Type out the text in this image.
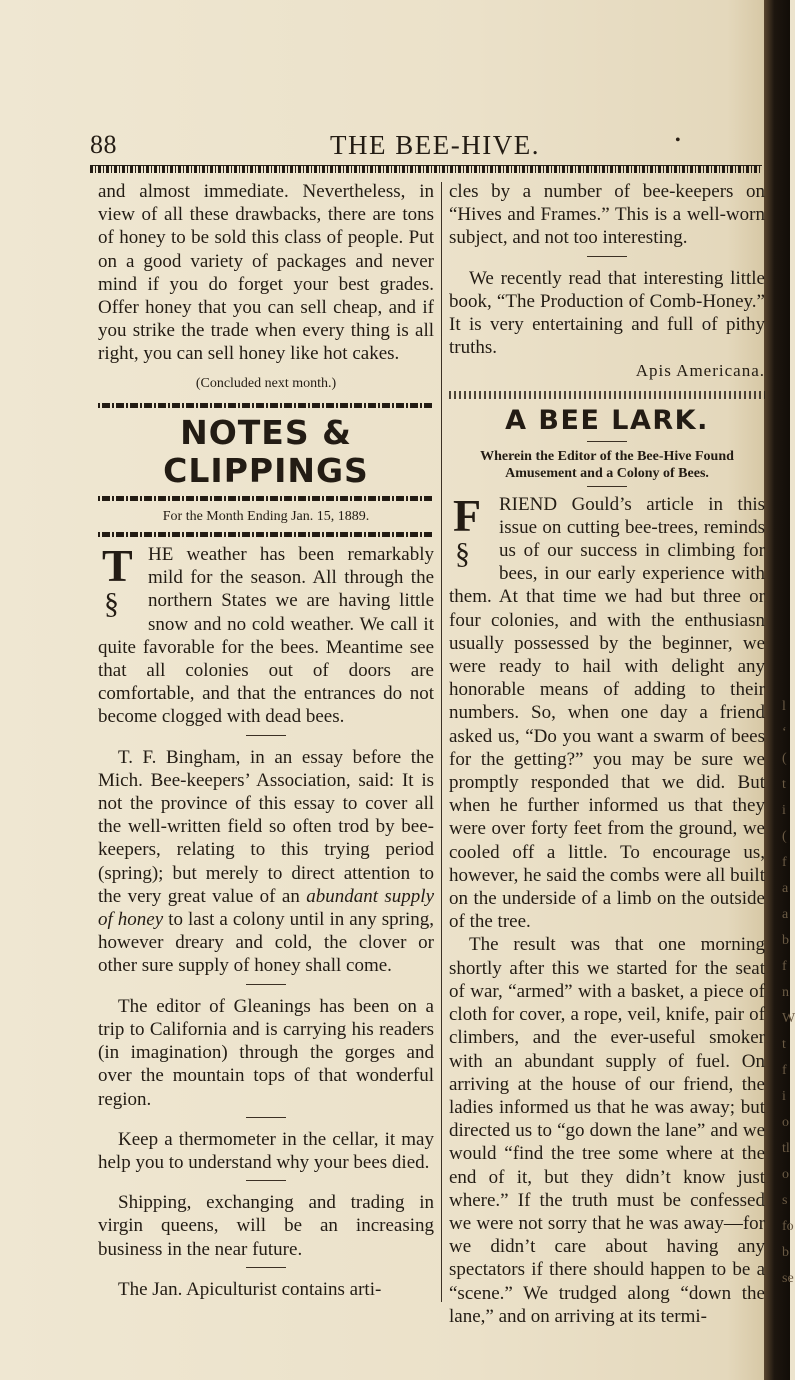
88	THE BEE-HIVE.	•

and almost immediate. Nevertheless, in view of all these drawbacks, there are tons of honey to be sold this class of people. Put on a good variety of packages and never mind if you do forget your best grades. Offer honey that you can sell cheap, and if you strike the trade when every thing is all right, you can sell honey like hot cakes.

(Concluded next month.)

NOTES & CLIPPINGS

For the Month Ending Jan. 15, 1889.

T
§
HE weather has been remarkably mild for the season. All through the northern States we are having little snow and no cold weather. We call it quite favorable for the bees. Meantime see that all colonies out of doors are comfortable, and that the entrances do not become clogged with dead bees.

T. F. Bingham, in an essay before the Mich. Bee-keepers’ Association, said: It is not the province of this essay to cover all the well-written field so often trod by bee-keepers, relating to this trying period (spring); but merely to direct attention to the very great value of an abundant supply of honey to last a colony until in any spring, however dreary and cold, the clover or other sure supply of honey shall come.

The editor of Gleanings has been on a trip to California and is carrying his readers (in imagination) through the gorges and over the mountain tops of that wonderful region.

Keep a thermometer in the cellar, it may help you to understand why your bees died.

Shipping, exchanging and trading in virgin queens, will be an increasing business in the near future.

The Jan. Apiculturist contains arti-

cles by a number of bee-keepers on “Hives and Frames.” This is a well-worn subject, and not too interesting.

We recently read that interesting little book, “The Production of Comb-Honey.” It is very entertaining and full of pithy truths.

Apis Americana.

A BEE LARK.

Wherein the Editor of the Bee-Hive Found Amusement and a Colony of Bees.

F
§
RIEND Gould’s article in this issue on cutting bee-trees, reminds us of our success in climbing for bees, in our early experience with them. At that time we had but three or four colonies, and with the enthusiasn usually possessed by the beginner, we were ready to hail with delight any honorable means of adding to their numbers. So, when one day a friend asked us, “Do you want a swarm of bees for the getting?” you may be sure we promptly responded that we did. But when he further informed us that they were over forty feet from the ground, we cooled off a little. To encourage us, however, he said the combs were all built on the underside of a limb on the outside of the tree.

The result was that one morning shortly after this we started for the seat of war, “armed” with a basket, a piece of cloth for cover, a rope, veil, knife, pair of climbers, and the ever-useful smoker with an abundant supply of fuel. On arriving at the house of our friend, the ladies informed us that he was away; but directed us to “go down the lane” and we would “find the tree some where at the end of it, but they didn’t know just where.” If the truth must be confessed we were not sorry that he was away—for we didn’t care about having any spectators if there should happen to be a “scene.” We trudged along “down the lane,” and on arriving at its termi-

l
‘
(
t
i
(
f
a
a
b
f
n
W
t
f
i
o
tl
o
s
fo
b
se
